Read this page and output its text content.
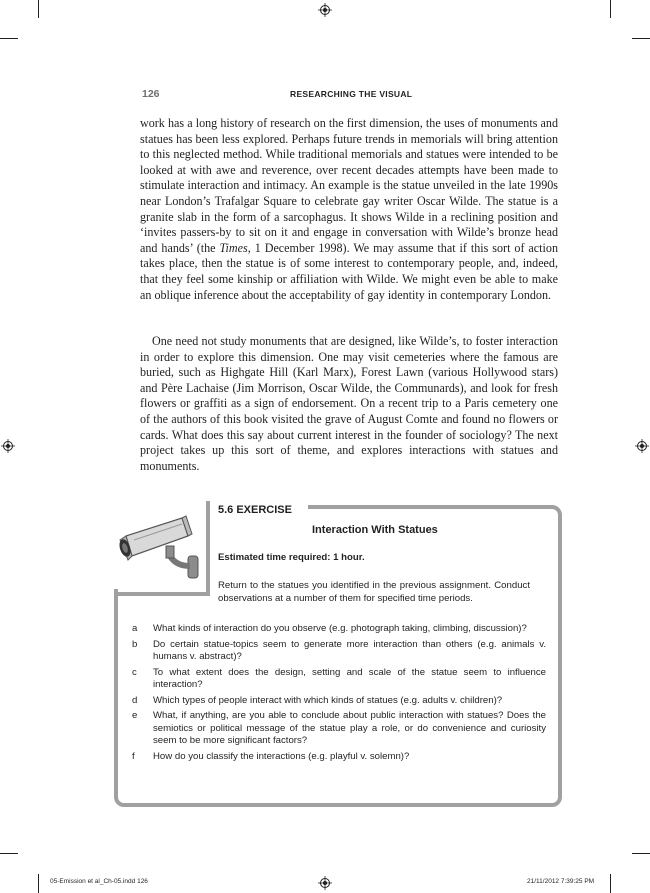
126	RESEARCHING THE VISUAL
work has a long history of research on the first dimension, the uses of monuments and statues has been less explored. Perhaps future trends in memorials will bring attention to this neglected method. While traditional memorials and statues were intended to be looked at with awe and reverence, over recent decades attempts have been made to stimulate interaction and intimacy. An example is the statue unveiled in the late 1990s near London’s Trafalgar Square to celebrate gay writer Oscar Wilde. The statue is a granite slab in the form of a sarcophagus. It shows Wilde in a reclining position and ‘invites passers-by to sit on it and engage in conversation with Wilde’s bronze head and hands’ (the Times, 1 December 1998). We may assume that if this sort of action takes place, then the statue is of some interest to contemporary people, and, indeed, that they feel some kinship or affiliation with Wilde. We might even be able to make an oblique inference about the acceptability of gay identity in contemporary London.
One need not study monuments that are designed, like Wilde’s, to foster interaction in order to explore this dimension. One may visit cemeteries where the famous are buried, such as Highgate Hill (Karl Marx), Forest Lawn (various Hollywood stars) and Père Lachaise (Jim Morrison, Oscar Wilde, the Communards), and look for fresh flowers or graffiti as a sign of endorsement. On a recent trip to a Paris cemetery one of the authors of this book visited the grave of August Comte and found no flowers or cards. What does this say about current interest in the founder of sociology? The next project takes up this sort of theme, and explores interactions with statues and monuments.
5.6 EXERCISE
Interaction With Statues
Estimated time required: 1 hour.
Return to the statues you identified in the previous assignment. Conduct observations at a number of them for specified time periods.
a What kinds of interaction do you observe (e.g. photograph taking, climbing, discussion)?
b Do certain statue-topics seem to generate more interaction than others (e.g. animals v. humans v. abstract)?
c To what extent does the design, setting and scale of the statue seem to influence interaction?
d Which types of people interact with which kinds of statues (e.g. adults v. children)?
e What, if anything, are you able to conclude about public interaction with statues? Does the semiotics or political message of the statue play a role, or do convenience and curiosity seem to be more significant factors?
f How do you classify the interactions (e.g. playful v. solemn)?
05-Emission et al_Ch-05.indd 126	21/11/2012 7:39:25 PM
